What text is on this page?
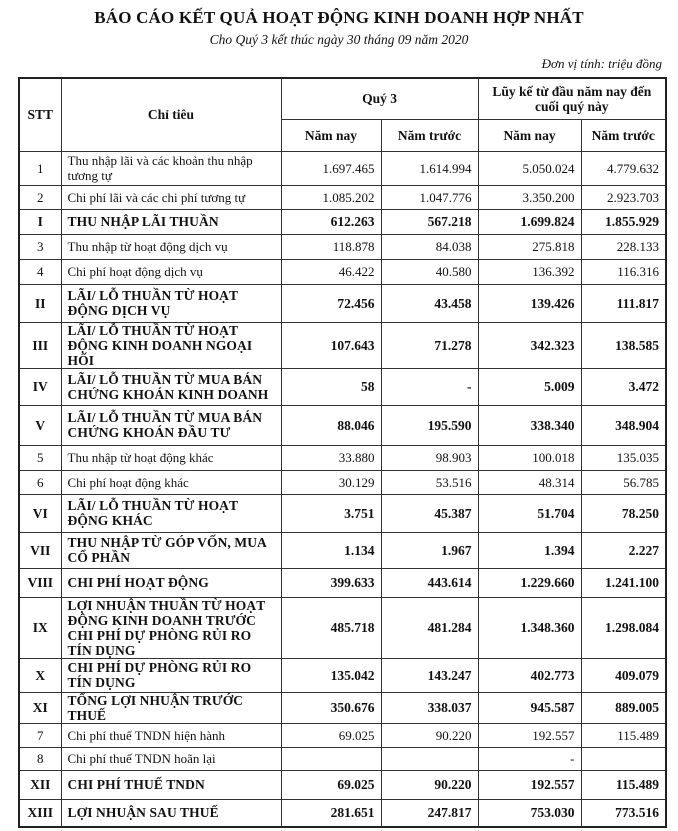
BÁO CÁO KẾT QUẢ HOẠT ĐỘNG KINH DOANH HỢP NHẤT
Cho Quý 3 kết thúc ngày 30 tháng 09 năm 2020
Đơn vị tính: triệu đồng
STT	Chỉ tiêu	Quý 3		Lũy kế từ đầu năm nay đến cuối quý này	
		Năm nay	Năm trước	Năm nay	Năm trước
1	Thu nhập lãi và các khoản thu nhập tương tự	1.697.465	1.614.994	5.050.024	4.779.632
2	Chi phí lãi và các chi phí tương tự	1.085.202	1.047.776	3.350.200	2.923.703
I	THU NHẬP LÃI THUẦN	612.263	567.218	1.699.824	1.855.929
3	Thu nhập từ hoạt động dịch vụ	118.878	84.038	275.818	228.133
4	Chi phí hoạt động dịch vụ	46.422	40.580	136.392	116.316
II	LÃI/ LỖ THUẦN TỪ HOẠT ĐỘNG DỊCH VỤ	72.456	43.458	139.426	111.817
III	LÃI/ LỖ THUẦN TỪ HOẠT ĐỘNG KINH DOANH NGOẠI HỐI	107.643	71.278	342.323	138.585
IV	LÃI/ LỖ THUẦN TỪ MUA BÁN CHỨNG KHOÁN KINH DOANH	58	-	5.009	3.472
V	LÃI/ LỖ THUẦN TỪ MUA BÁN CHỨNG KHOÁN ĐẦU TƯ	88.046	195.590	338.340	348.904
5	Thu nhập từ hoạt động khác	33.880	98.903	100.018	135.035
6	Chi phí hoạt động khác	30.129	53.516	48.314	56.785
VI	LÃI/ LỖ THUẦN TỪ HOẠT ĐỘNG KHÁC	3.751	45.387	51.704	78.250
VII	THU NHẬP TỪ GÓP VỐN, MUA CỔ PHẦN	1.134	1.967	1.394	2.227
VIII	CHI PHÍ HOẠT ĐỘNG	399.633	443.614	1.229.660	1.241.100
IX	LỢI NHUẬN THUẦN TỪ HOẠT ĐỘNG KINH DOANH TRƯỚC CHI PHÍ DỰ PHÒNG RỦI RO TÍN DỤNG	485.718	481.284	1.348.360	1.298.084
X	CHI PHÍ DỰ PHÒNG RỦI RO TÍN DỤNG	135.042	143.247	402.773	409.079
XI	TỔNG LỢI NHUẬN TRƯỚC THUẾ	350.676	338.037	945.587	889.005
7	Chi phí thuế TNDN hiện hành	69.025	90.220	192.557	115.489
8	Chi phí thuế TNDN hoãn lại			-	
XII	CHI PHÍ THUẾ TNDN	69.025	90.220	192.557	115.489
XIII	LỢI NHUẬN SAU THUẾ	281.651	247.817	753.030	773.516
